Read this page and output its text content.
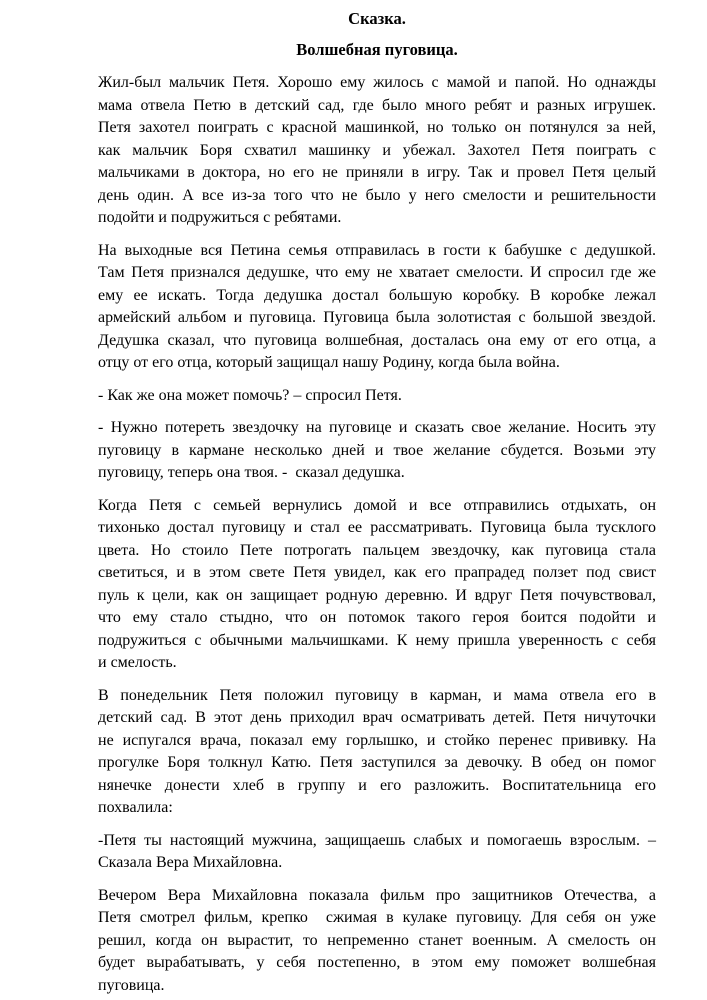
Сказка.
Волшебная пуговица.
Жил-был мальчик Петя. Хорошо ему жилось с мамой и папой. Но однажды
мама отвела Петю в детский сад, где было много ребят и разных игрушек.
Петя захотел поиграть с красной машинкой, но только он потянулся за ней,
как мальчик Боря схватил машинку и убежал. Захотел Петя поиграть с
мальчиками в доктора, но его не приняли в игру. Так и провел Петя целый
день один. А все из-за того что не было у него смелости и решительности
подойти и подружиться с ребятами.
На выходные вся Петина семья отправилась в гости к бабушке с дедушкой.
Там Петя признался дедушке, что ему не хватает смелости. И спросил где же
ему ее искать. Тогда дедушка достал большую коробку. В коробке лежал
армейский альбом и пуговица. Пуговица была золотистая с большой звездой.
Дедушка сказал, что пуговица волшебная, досталась она ему от его отца, а
отцу от его отца, который защищал нашу Родину, когда была война.
- Как же она может помочь? – спросил Петя.
- Нужно потереть звездочку на пуговице и сказать свое желание. Носить эту
пуговицу в кармане несколько дней и твое желание сбудется. Возьми эту
пуговицу, теперь она твоя. -  сказал дедушка.
Когда Петя с семьей вернулись домой и все отправились отдыхать, он
тихонько достал пуговицу и стал ее рассматривать. Пуговица была тусклого
цвета. Но стоило Пете потрогать пальцем звездочку, как пуговица стала
светиться, и в этом свете Петя увидел, как его прапрадед ползет под свист
пуль к цели, как он защищает родную деревню. И вдруг Петя почувствовал,
что ему стало стыдно, что он потомок такого героя боится подойти и
подружиться с обычными мальчишками. К нему пришла уверенность с себя
и смелость.
В понедельник Петя положил пуговицу в карман, и мама отвела его в
детский сад. В этот день приходил врач осматривать детей. Петя ничуточки
не испугался врача, показал ему горлышко, и стойко перенес прививку. На
прогулке Боря толкнул Катю. Петя заступился за девочку. В обед он помог
нянечке донести хлеб в группу и его разложить. Воспитательница его
похвалила:
-Петя ты настоящий мужчина, защищаешь слабых и помогаешь взрослым. –
Сказала Вера Михайловна.
Вечером Вера Михайловна показала фильм про защитников Отечества, а
Петя смотрел фильм, крепко  сжимая в кулаке пуговицу. Для себя он уже
решил, когда он вырастит, то непременно станет военным. А смелость он
будет вырабатывать, у себя постепенно, в этом ему поможет волшебная
пуговица.
